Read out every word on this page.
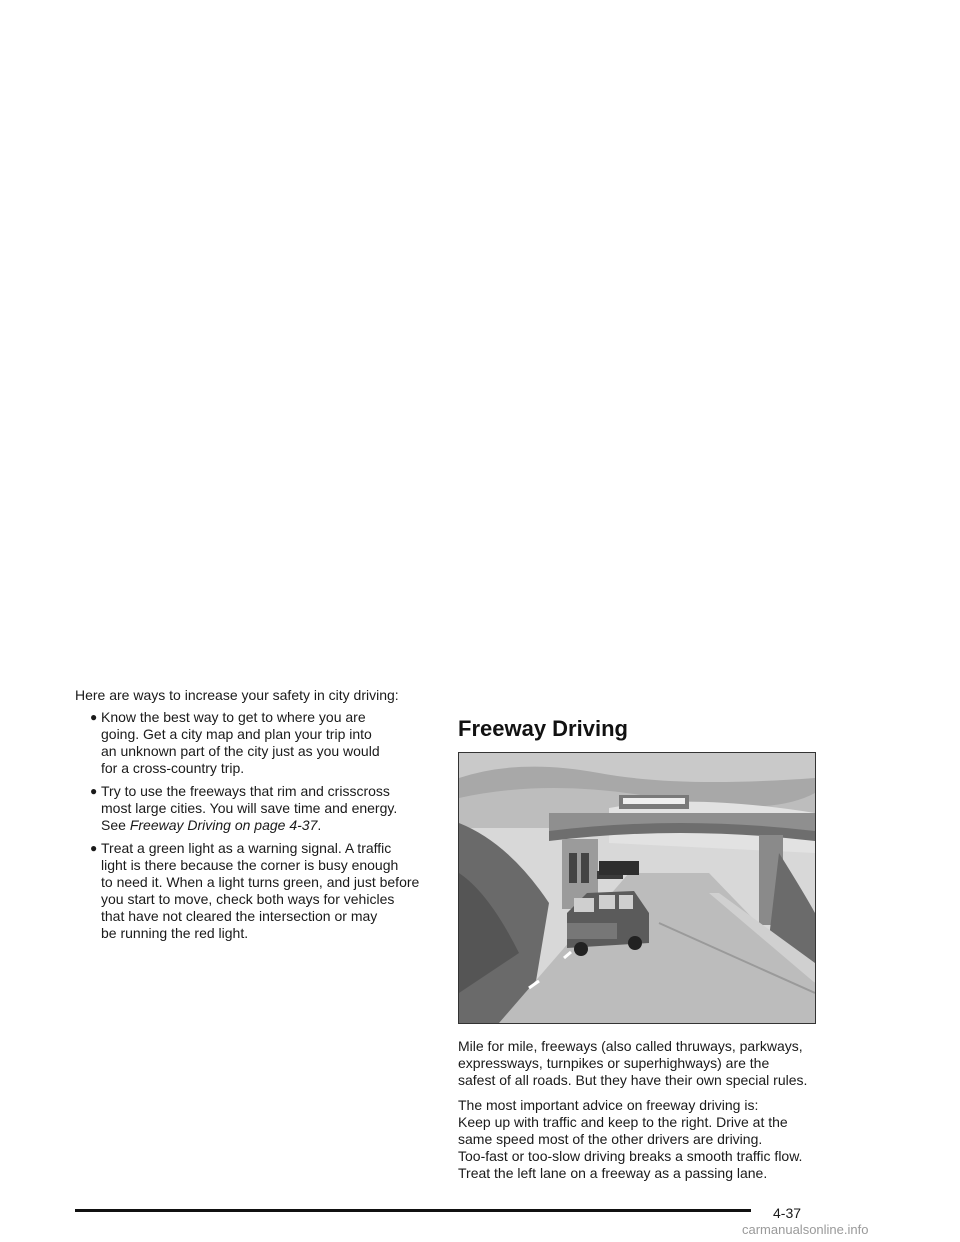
Here are ways to increase your safety in city driving:

● Know the best way to get to where you are
going. Get a city map and plan your trip into
an unknown part of the city just as you would
for a cross-country trip.
● Try to use the freeways that rim and crisscross
most large cities. You will save time and energy.
See Freeway Driving on page 4-37.
● Treat a green light as a warning signal. A traffic
light is there because the corner is busy enough
to need it. When a light turns green, and just before
you start to move, check both ways for vehicles
that have not cleared the intersection or may
be running the red light.
Freeway Driving

Mile for mile, freeways (also called thruways, parkways,
expressways, turnpikes or superhighways) are the
safest of all roads. But they have their own special rules.

The most important advice on freeway driving is:
Keep up with traffic and keep to the right. Drive at the
same speed most of the other drivers are driving.
Too-fast or too-slow driving breaks a smooth traffic flow.
Treat the left lane on a freeway as a passing lane.

4-37
carmanualsonline.info
